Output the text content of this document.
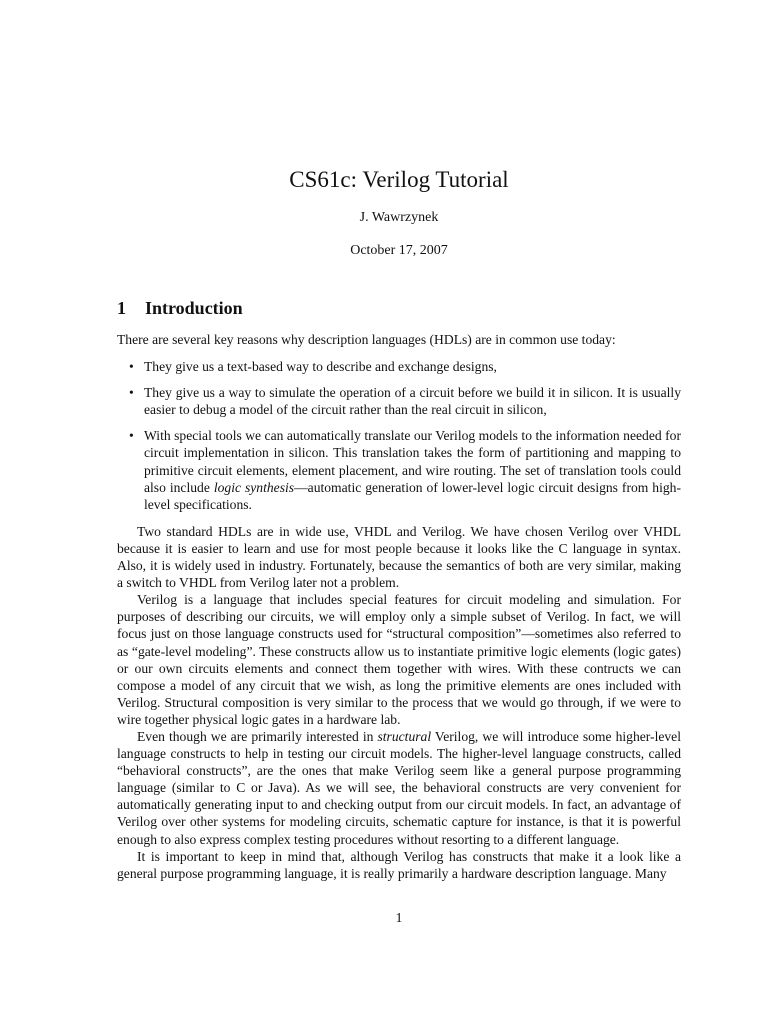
CS61c: Verilog Tutorial
J. Wawrzynek
October 17, 2007
1 Introduction

There are several key reasons why description languages (HDLs) are in common use today:

• They give us a text-based way to describe and exchange designs,
• They give us a way to simulate the operation of a circuit before we build it in silicon. It is usually easier to debug a model of the circuit rather than the real circuit in silicon,
• With special tools we can automatically translate our Verilog models to the information needed for circuit implementation in silicon. This translation takes the form of partitioning and mapping to primitive circuit elements, element placement, and wire routing. The set of translation tools could also include logic synthesis—automatic generation of lower-level logic circuit designs from high-level specifications.

Two standard HDLs are in wide use, VHDL and Verilog. We have chosen Verilog over VHDL because it is easier to learn and use for most people because it looks like the C language in syntax. Also, it is widely used in industry. Fortunately, because the semantics of both are very similar, making a switch to VHDL from Verilog later not a problem.

Verilog is a language that includes special features for circuit modeling and simulation. For purposes of describing our circuits, we will employ only a simple subset of Verilog. In fact, we will focus just on those language constructs used for “structural composition”—sometimes also referred to as “gate-level modeling”. These constructs allow us to instantiate primitive logic elements (logic gates) or our own circuits elements and connect them together with wires. With these contructs we can compose a model of any circuit that we wish, as long the primitive elements are ones included with Verilog. Structural composition is very similar to the process that we would go through, if we were to wire together physical logic gates in a hardware lab.

Even though we are primarily interested in structural Verilog, we will introduce some higher-level language constructs to help in testing our circuit models. The higher-level language constructs, called “behavioral constructs”, are the ones that make Verilog seem like a general purpose programming language (similar to C or Java). As we will see, the behavioral constructs are very convenient for automatically generating input to and checking output from our circuit models. In fact, an advantage of Verilog over other systems for modeling circuits, schematic capture for instance, is that it is powerful enough to also express complex testing procedures without resorting to a different language.

It is important to keep in mind that, although Verilog has constructs that make it a look like a general purpose programming language, it is really primarily a hardware description language. Many

1
